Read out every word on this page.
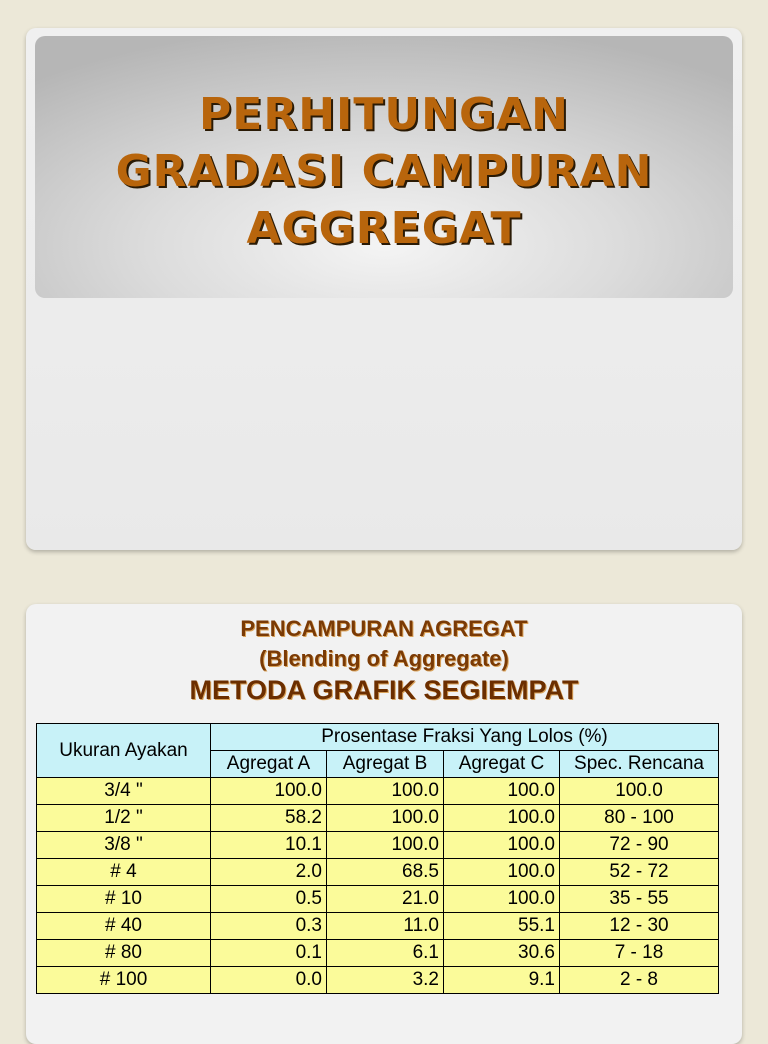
PERHITUNGAN
GRADASI CAMPURAN
AGGREGAT
PENCAMPURAN AGREGAT
(Blending of Aggregate)
METODA GRAFIK SEGIEMPAT
Ukuran Ayakan	Prosentase Fraksi Yang Lolos (%)			
	Agregat A	Agregat B	Agregat C	Spec. Rencana
3/4 "	100.0	100.0	100.0	100.0
1/2 "	58.2	100.0	100.0	80 - 100
3/8 "	10.1	100.0	100.0	72 - 90
# 4	2.0	68.5	100.0	52 - 72
# 10	0.5	21.0	100.0	35 - 55
# 40	0.3	11.0	55.1	12 - 30
# 80	0.1	6.1	30.6	7 - 18
# 100	0.0	3.2	9.1	2 - 8
